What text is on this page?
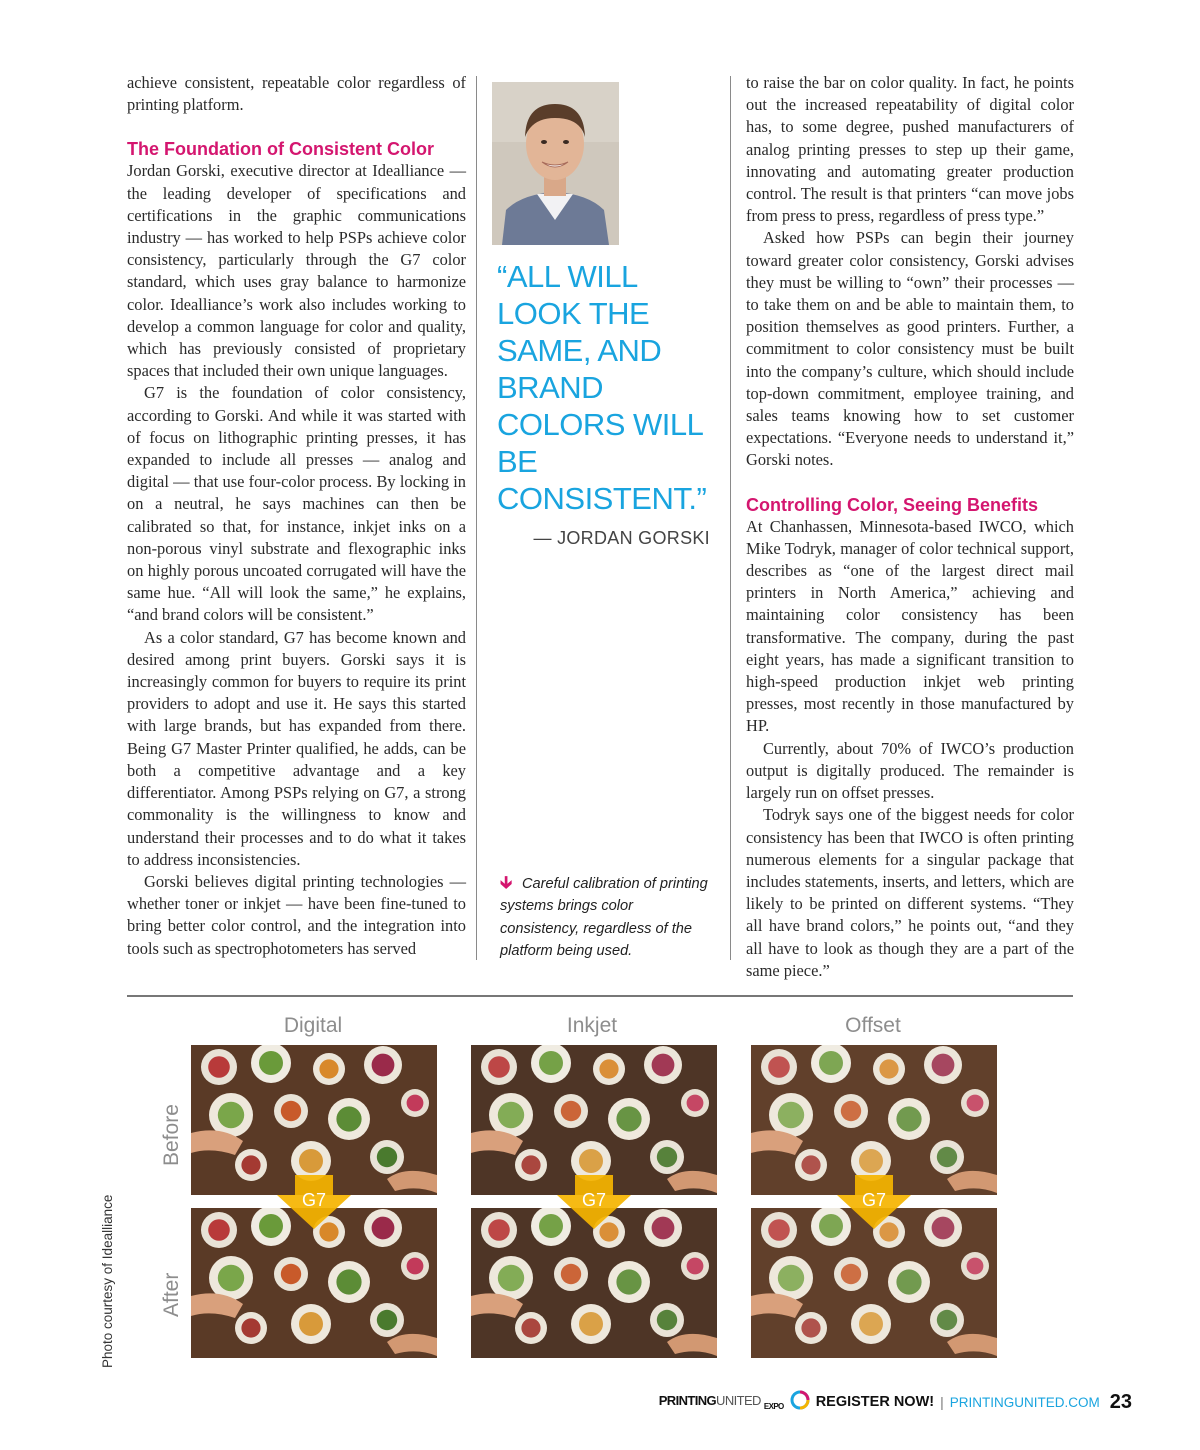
achieve consistent, repeatable color regardless of printing platform.

The Foundation of Consistent Color

Jordan Gorski, executive director at Idealliance — the leading developer of specifications and certifications in the graphic communications industry — has worked to help PSPs achieve color consistency, particularly through the G7 color standard, which uses gray balance to harmonize color. Idealliance’s work also includes working to develop a common language for color and quality, which has previously consisted of proprietary spaces that included their own unique languages.

G7 is the foundation of color consistency, according to Gorski. And while it was started with of focus on lithographic printing presses, it has expanded to include all presses — analog and digital — that use four-color process. By locking in on a neutral, he says machines can then be calibrated so that, for instance, inkjet inks on a non-porous vinyl substrate and flexographic inks on highly porous uncoated corrugated will have the same hue. “All will look the same,” he explains, “and brand colors will be consistent.”

As a color standard, G7 has become known and desired among print buyers. Gorski says it is increasingly common for buyers to require its print providers to adopt and use it. He says this started with large brands, but has expanded from there. Being G7 Master Printer qualified, he adds, can be both a competitive advantage and a key differentiator. Among PSPs relying on G7, a strong commonality is the willingness to know and understand their processes and to do what it takes to address inconsistencies.

Gorski believes digital printing technologies — whether toner or inkjet — have been fine-tuned to bring better color control, and the integration into tools such as spectrophotometers has served

“ALL WILL LOOK THE SAME, AND BRAND COLORS WILL BE CONSISTENT.”
— JORDAN GORSKI
🡳 Careful calibration of printing systems brings color consistency, regardless of the platform being used.

to raise the bar on color quality. In fact, he points out the increased repeatability of digital color has, to some degree, pushed manufacturers of analog printing presses to step up their game, innovating and automating greater production control. The result is that printers “can move jobs from press to press, regardless of press type.”

Asked how PSPs can begin their journey toward greater color consistency, Gorski advises they must be willing to “own” their processes — to take them on and be able to maintain them, to position themselves as good printers. Further, a commitment to color consistency must be built into the company’s culture, which should include top-down commitment, employee training, and sales teams knowing how to set customer expectations. “Everyone needs to understand it,” Gorski notes.

Controlling Color, Seeing Benefits

At Chanhassen, Minnesota-based IWCO, which Mike Todryk, manager of color technical support, describes as “one of the largest direct mail printers in North America,” achieving and maintaining color consistency has been transformative. The company, during the past eight years, has made a significant transition to high-speed production inkjet web printing presses, most recently in those manufactured by HP.

Currently, about 70% of IWCO’s production output is digitally produced. The remainder is largely run on offset presses.

Todryk says one of the biggest needs for color consistency has been that IWCO is often printing numerous elements for a singular package that includes statements, inserts, and letters, which are likely to be printed on different systems. “They all have brand colors,” he points out, “and they all have to look as though they are a part of the same piece.”

Digital	Inkjet	Offset
Before
After
G7	G7	G7
Photo courtesy of Idealliance
PRINTINGUNITED $_{EXPO}$ REGISTER NOW! | PRINTINGUNITED.COM 23
